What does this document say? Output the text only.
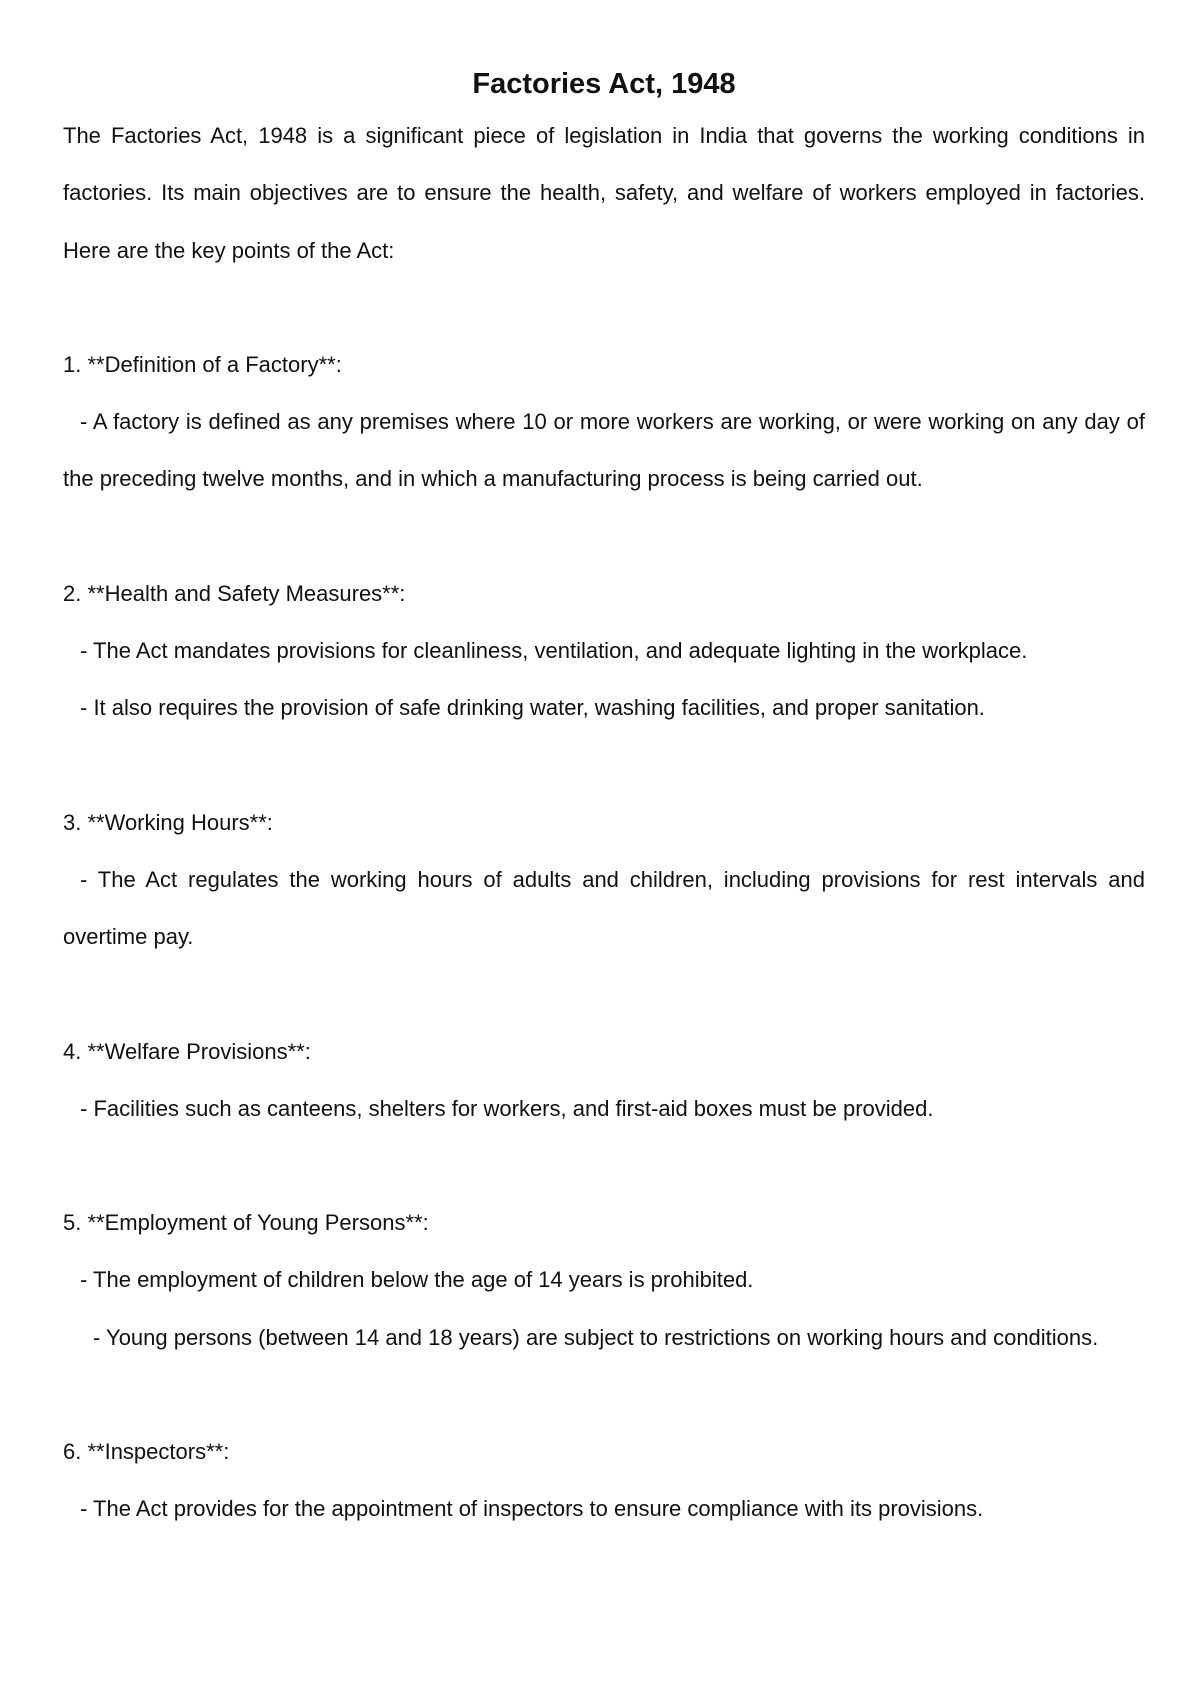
Factories Act, 1948

The Factories Act, 1948 is a significant piece of legislation in India that governs the working conditions in factories. Its main objectives are to ensure the health, safety, and welfare of workers employed in factories. Here are the key points of the Act:

1. **Definition of a Factory**:

- A factory is defined as any premises where 10 or more workers are working, or were working on any day of the preceding twelve months, and in which a manufacturing process is being carried out.

2. **Health and Safety Measures**:

- The Act mandates provisions for cleanliness, ventilation, and adequate lighting in the workplace.

- It also requires the provision of safe drinking water, washing facilities, and proper sanitation.

3. **Working Hours**:

- The Act regulates the working hours of adults and children, including provisions for rest intervals and overtime pay.

4. **Welfare Provisions**:

- Facilities such as canteens, shelters for workers, and first-aid boxes must be provided.

5. **Employment of Young Persons**:

- The employment of children below the age of 14 years is prohibited.

- Young persons (between 14 and 18 years) are subject to restrictions on working hours and conditions.

6. **Inspectors**:

- The Act provides for the appointment of inspectors to ensure compliance with its provisions.
